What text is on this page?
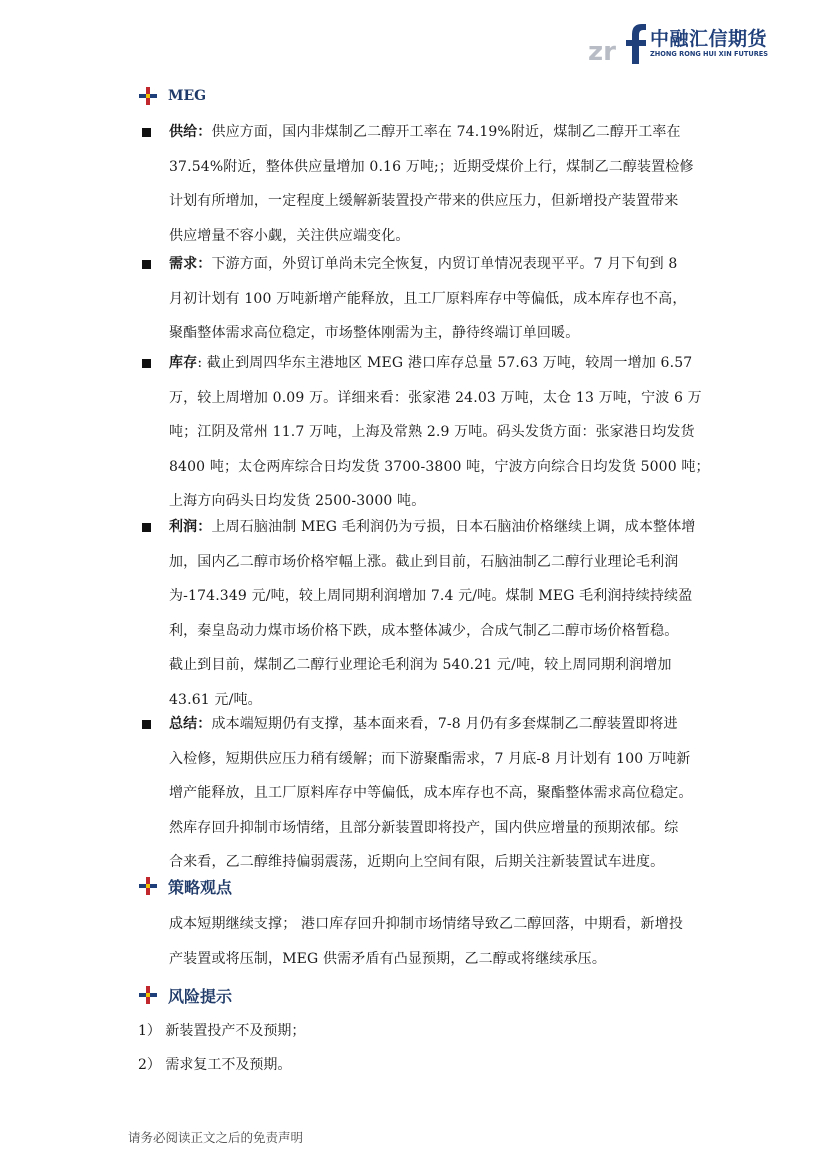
zr 中融汇信期货
ZHONG RONG HUI XIN FUTURES
MEG
供给：供应方面，国内非煤制乙二醇开工率在 74.19%附近，煤制乙二醇开工率在
37.54%附近，整体供应量增加 0.16 万吨;；近期受煤价上行，煤制乙二醇装置检修
计划有所增加，一定程度上缓解新装置投产带来的供应压力，但新增投产装置带来
供应增量不容小觑，关注供应端变化。
需求：下游方面，外贸订单尚未完全恢复，内贸订单情况表现平平。7 月下旬到 8
月初计划有 100 万吨新增产能释放，且工厂原料库存中等偏低，成本库存也不高，
聚酯整体需求高位稳定，市场整体刚需为主，静待终端订单回暖。
库存: 截止到周四华东主港地区 MEG 港口库存总量 57.63 万吨，较周一增加 6.57
万，较上周增加 0.09 万。详细来看：张家港 24.03 万吨，太仓 13 万吨，宁波 6 万
吨；江阴及常州 11.7 万吨，上海及常熟 2.9 万吨。码头发货方面：张家港日均发货
8400 吨；太仓两库综合日均发货 3700-3800 吨，宁波方向综合日均发货 5000 吨；
上海方向码头日均发货 2500-3000 吨。
利润：上周石脑油制 MEG 毛利润仍为亏损，日本石脑油价格继续上调，成本整体增
加，国内乙二醇市场价格窄幅上涨。截止到目前，石脑油制乙二醇行业理论毛利润
为-174.349 元/吨，较上周同期利润增加 7.4 元/吨。煤制 MEG 毛利润持续持续盈
利，秦皇岛动力煤市场价格下跌，成本整体减少，合成气制乙二醇市场价格暂稳。
截止到目前，煤制乙二醇行业理论毛利润为 540.21 元/吨，较上周同期利润增加
43.61 元/吨。
总结：成本端短期仍有支撑，基本面来看，7-8 月仍有多套煤制乙二醇装置即将进
入检修，短期供应压力稍有缓解；而下游聚酯需求，7 月底-8 月计划有 100 万吨新
增产能释放，且工厂原料库存中等偏低，成本库存也不高，聚酯整体需求高位稳定。
然库存回升抑制市场情绪，且部分新装置即将投产，国内供应增量的预期浓郁。综
合来看，乙二醇维持偏弱震荡，近期向上空间有限，后期关注新装置试车进度。
策略观点
成本短期继续支撑； 港口库存回升抑制市场情绪导致乙二醇回落，中期看，新增投
产装置或将压制，MEG 供需矛盾有凸显预期，乙二醇或将继续承压。
风险提示
1） 新装置投产不及预期；
2） 需求复工不及预期。
请务必阅读正文之后的免责声明
